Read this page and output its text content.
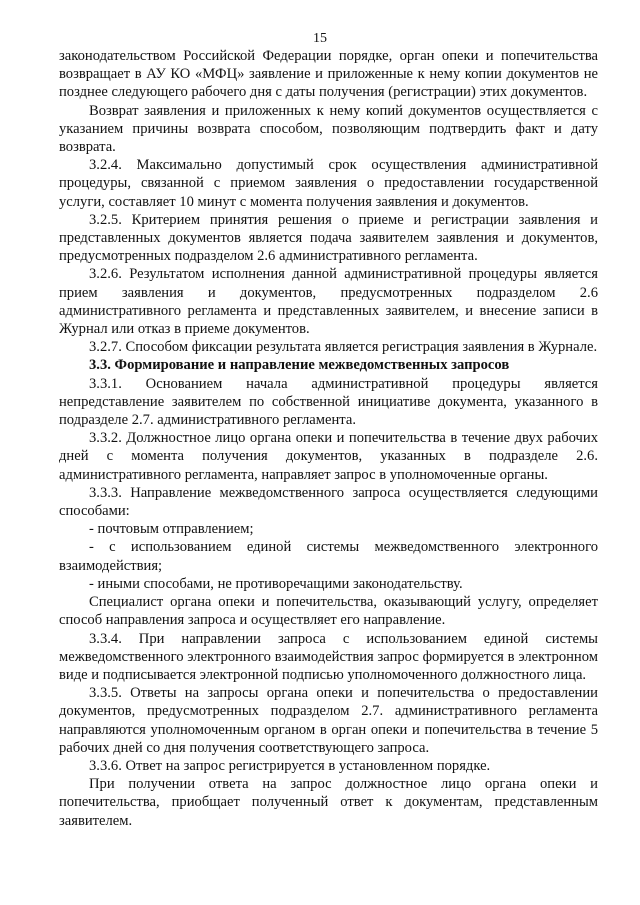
15

законодательством Российской Федерации порядке, орган опеки и попечительства возвращает в АУ КО «МФЦ» заявление и приложенные к нему копии документов не позднее следующего рабочего дня с даты получения (регистрации) этих документов.

Возврат заявления и приложенных к нему копий документов осуществляется с указанием причины возврата способом, позволяющим подтвердить факт и дату возврата.

3.2.4. Максимально допустимый срок осуществления административной процедуры, связанной с приемом заявления о предоставлении государственной услуги, составляет 10 минут с момента получения заявления и документов.

3.2.5. Критерием принятия решения о приеме и регистрации заявления и представленных документов является подача заявителем заявления и документов, предусмотренных подразделом 2.6 административного регламента.

3.2.6. Результатом исполнения данной административной процедуры является прием заявления и документов, предусмотренных подразделом 2.6 административного регламента и представленных заявителем, и внесение записи в Журнал или отказ в приеме документов.

3.2.7. Способом фиксации результата является регистрация заявления в Журнале.

3.3. Формирование и направление межведомственных запросов

3.3.1. Основанием начала административной процедуры является непредставление заявителем по собственной инициативе документа, указанного в подразделе 2.7. административного регламента.

3.3.2. Должностное лицо органа опеки и попечительства в течение двух рабочих дней с момента получения документов, указанных в подразделе 2.6. административного регламента, направляет запрос в уполномоченные органы.

3.3.3. Направление межведомственного запроса осуществляется следующими способами:

- почтовым отправлением;

- с использованием единой системы межведомственного электронного взаимодействия;

- иными способами, не противоречащими законодательству.

Специалист органа опеки и попечительства, оказывающий услугу, определяет способ направления запроса и осуществляет его направление.

3.3.4. При направлении запроса с использованием единой системы межведомственного электронного взаимодействия запрос формируется в электронном виде и подписывается электронной подписью уполномоченного должностного лица.

3.3.5. Ответы на запросы органа опеки и попечительства о предоставлении документов, предусмотренных подразделом 2.7. административного регламента направляются уполномоченным органом в орган опеки и попечительства в течение 5 рабочих дней со дня получения соответствующего запроса.

3.3.6. Ответ на запрос регистрируется в установленном порядке.

При получении ответа на запрос должностное лицо органа опеки и попечительства, приобщает полученный ответ к документам, представленным заявителем.
